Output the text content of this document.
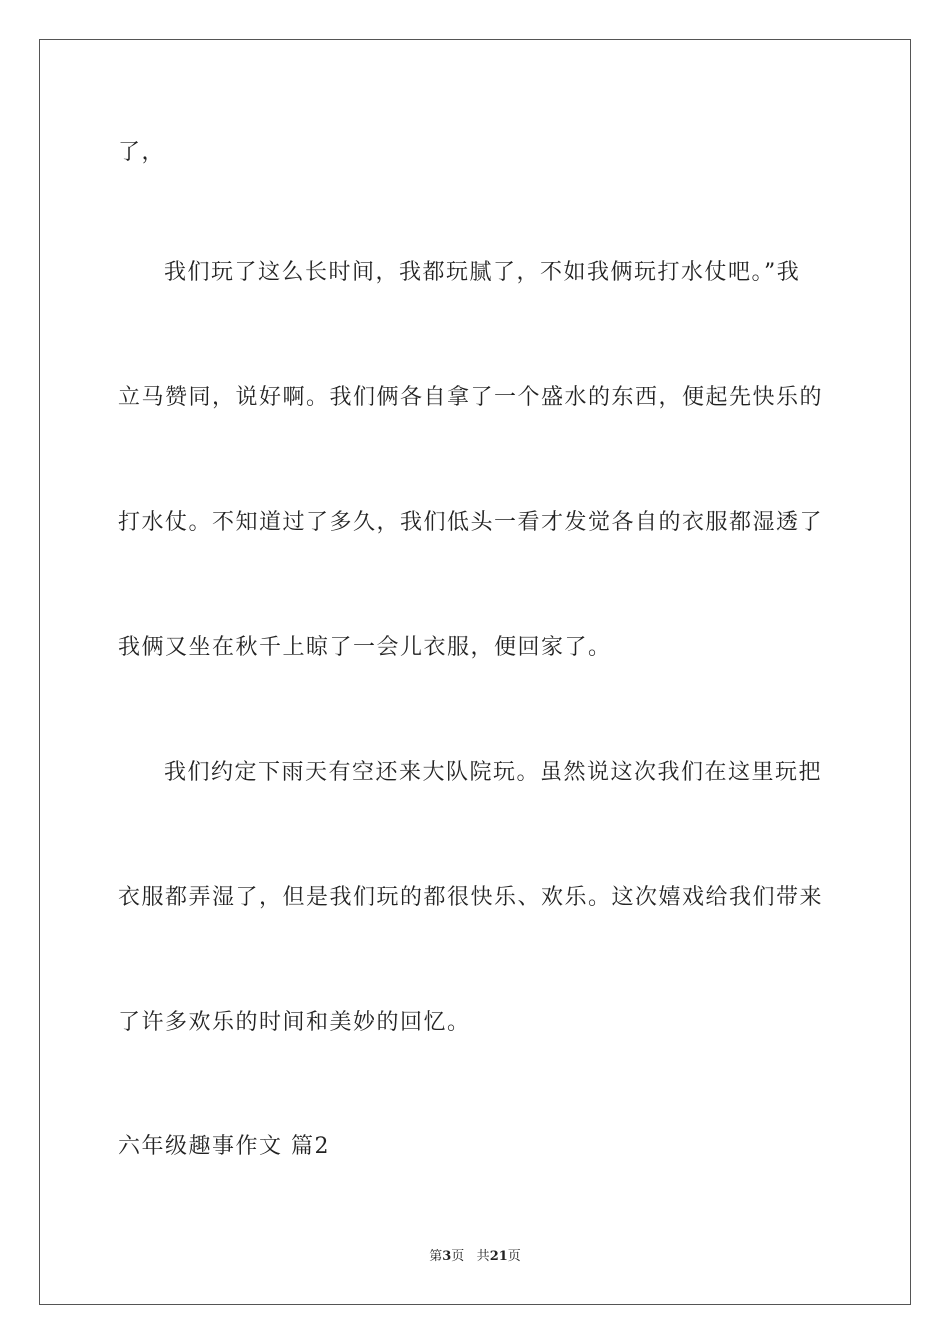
了，
我们玩了这么长时间，我都玩腻了，不如我俩玩打水仗吧。”我
立马赞同，说好啊。我们俩各自拿了一个盛水的东西，便起先快乐的
打水仗。不知道过了多久，我们低头一看才发觉各自的衣服都湿透了
我俩又坐在秋千上晾了一会儿衣服，便回家了。
我们约定下雨天有空还来大队院玩。虽然说这次我们在这里玩把
衣服都弄湿了，但是我们玩的都很快乐、欢乐。这次嬉戏给我们带来
了许多欢乐的时间和美妙的回忆。
六年级趣事作文 篇2
第3页 共21页
